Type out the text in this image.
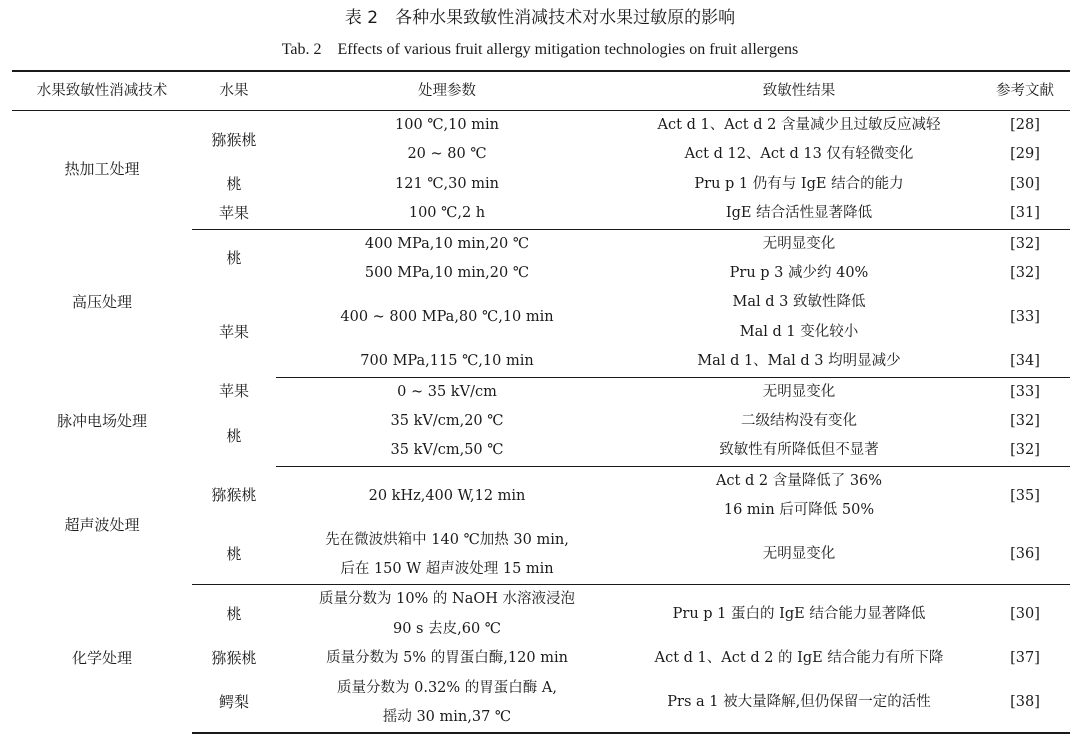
表 2　各种水果致敏性消减技术对水果过敏原的影响
Tab. 2　Effects of various fruit allergy mitigation technologies on fruit allergens
水果致敏性消减技术	水果	处理参数	致敏性结果	参考文献
热加工处理	猕猴桃	100 ℃,10 min	Act d 1、Act d 2 含量减少且过敏反应减轻	[28]

		20 ~ 80 ℃	Act d 12、Act d 13 仅有轻微变化	[29]
	桃	121 ℃,30 min	Pru p 1 仍有与 IgE 结合的能力	[30]
	苹果	100 ℃,2 h	IgE 结合活性显著降低	[31]
高压处理	桃	400 MPa,10 min,20 ℃	无明显变化	[32]

		500 MPa,10 min,20 ℃	Pru p 3 减少约 40%	[32]
	苹果	400 ~ 800 MPa,80 ℃,10 min	Mal d 3 致敏性降低
Mal d 1 变化较小	[33]

		700 MPa,115 ℃,10 min	Mal d 1、Mal d 3 均明显减少	[34]
脉冲电场处理	苹果	0 ~ 35 kV/cm	无明显变化	[33]
	桃	35 kV/cm,20 ℃	二级结构没有变化	[32]

		35 kV/cm,50 ℃	致敏性有所降低但不显著	[32]
超声波处理	猕猴桃	20 kHz,400 W,12 min	Act d 2 含量降低了 36%
16 min 后可降低 50%	[35]
	桃	先在微波烘箱中 140 ℃加热 30 min,
后在 150 W 超声波处理 15 min	无明显变化	[36]
化学处理	桃	质量分数为 10% 的 NaOH 水溶液浸泡
90 s 去皮,60 ℃	Pru p 1 蛋白的 IgE 结合能力显著降低	[30]
	猕猴桃	质量分数为 5% 的胃蛋白酶,120 min	Act d 1、Act d 2 的 IgE 结合能力有所下降	[37]
	鳄梨	质量分数为 0.32% 的胃蛋白酶 A,
摇动 30 min,37 ℃	Prs a 1 被大量降解,但仍保留一定的活性	[38]
